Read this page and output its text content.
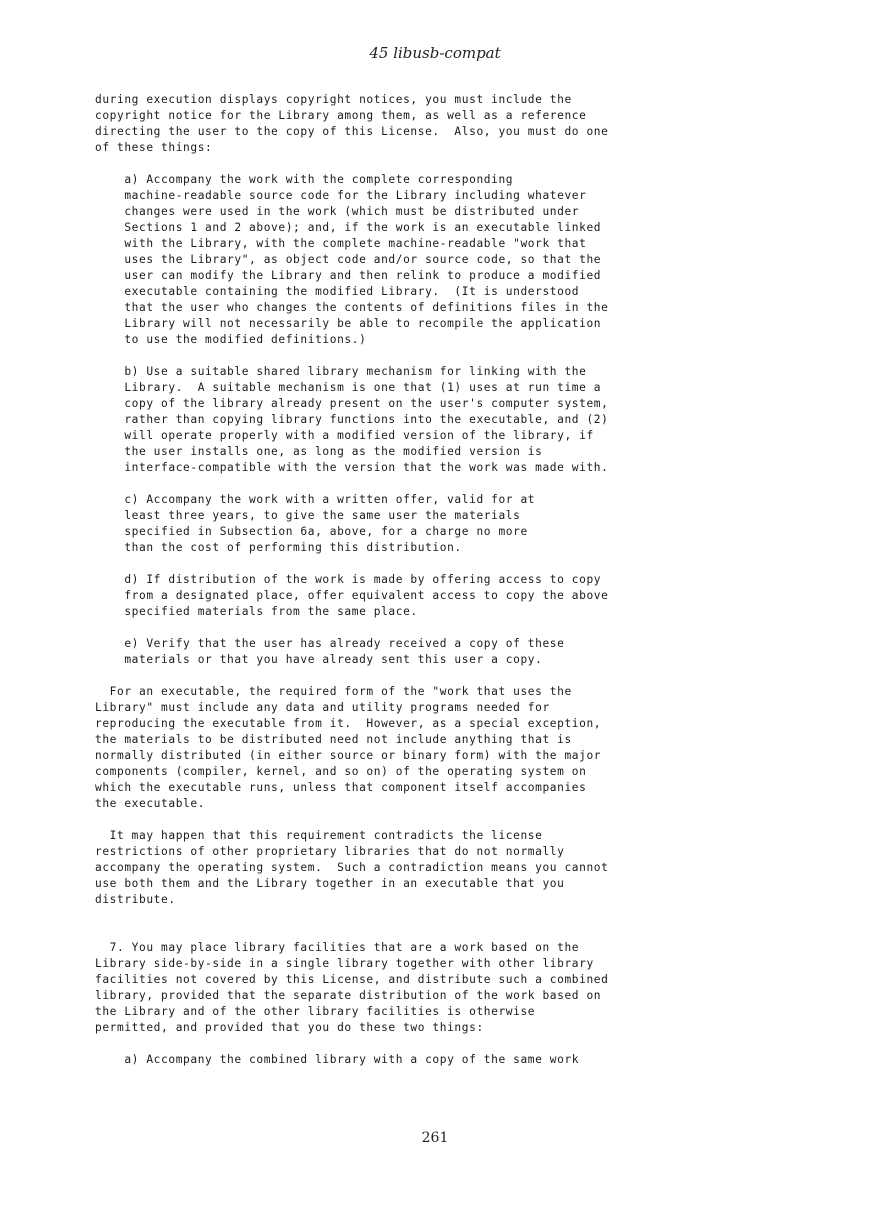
45 libusb-compat
during execution displays copyright notices, you must include the
copyright notice for the Library among them, as well as a reference
directing the user to the copy of this License.  Also, you must do one
of these things:

a) Accompany the work with the complete corresponding
machine-readable source code for the Library including whatever
changes were used in the work (which must be distributed under
Sections 1 and 2 above); and, if the work is an executable linked
with the Library, with the complete machine-readable "work that
uses the Library", as object code and/or source code, so that the
user can modify the Library and then relink to produce a modified
executable containing the modified Library.  (It is understood
that the user who changes the contents of definitions files in the
Library will not necessarily be able to recompile the application
to use the modified definitions.)

b) Use a suitable shared library mechanism for linking with the
Library.  A suitable mechanism is one that (1) uses at run time a
copy of the library already present on the user's computer system,
rather than copying library functions into the executable, and (2)
will operate properly with a modified version of the library, if
the user installs one, as long as the modified version is
interface-compatible with the version that the work was made with.

c) Accompany the work with a written offer, valid for at
least three years, to give the same user the materials
specified in Subsection 6a, above, for a charge no more
than the cost of performing this distribution.

d) If distribution of the work is made by offering access to copy
from a designated place, offer equivalent access to copy the above
specified materials from the same place.

e) Verify that the user has already received a copy of these
materials or that you have already sent this user a copy.

For an executable, the required form of the "work that uses the
Library" must include any data and utility programs needed for
reproducing the executable from it.  However, as a special exception,
the materials to be distributed need not include anything that is
normally distributed (in either source or binary form) with the major
components (compiler, kernel, and so on) of the operating system on
which the executable runs, unless that component itself accompanies
the executable.

It may happen that this requirement contradicts the license
restrictions of other proprietary libraries that do not normally
accompany the operating system.  Such a contradiction means you cannot
use both them and the Library together in an executable that you
distribute.

7. You may place library facilities that are a work based on the
Library side-by-side in a single library together with other library
facilities not covered by this License, and distribute such a combined
library, provided that the separate distribution of the work based on
the Library and of the other library facilities is otherwise
permitted, and provided that you do these two things:

a) Accompany the combined library with a copy of the same work
261
